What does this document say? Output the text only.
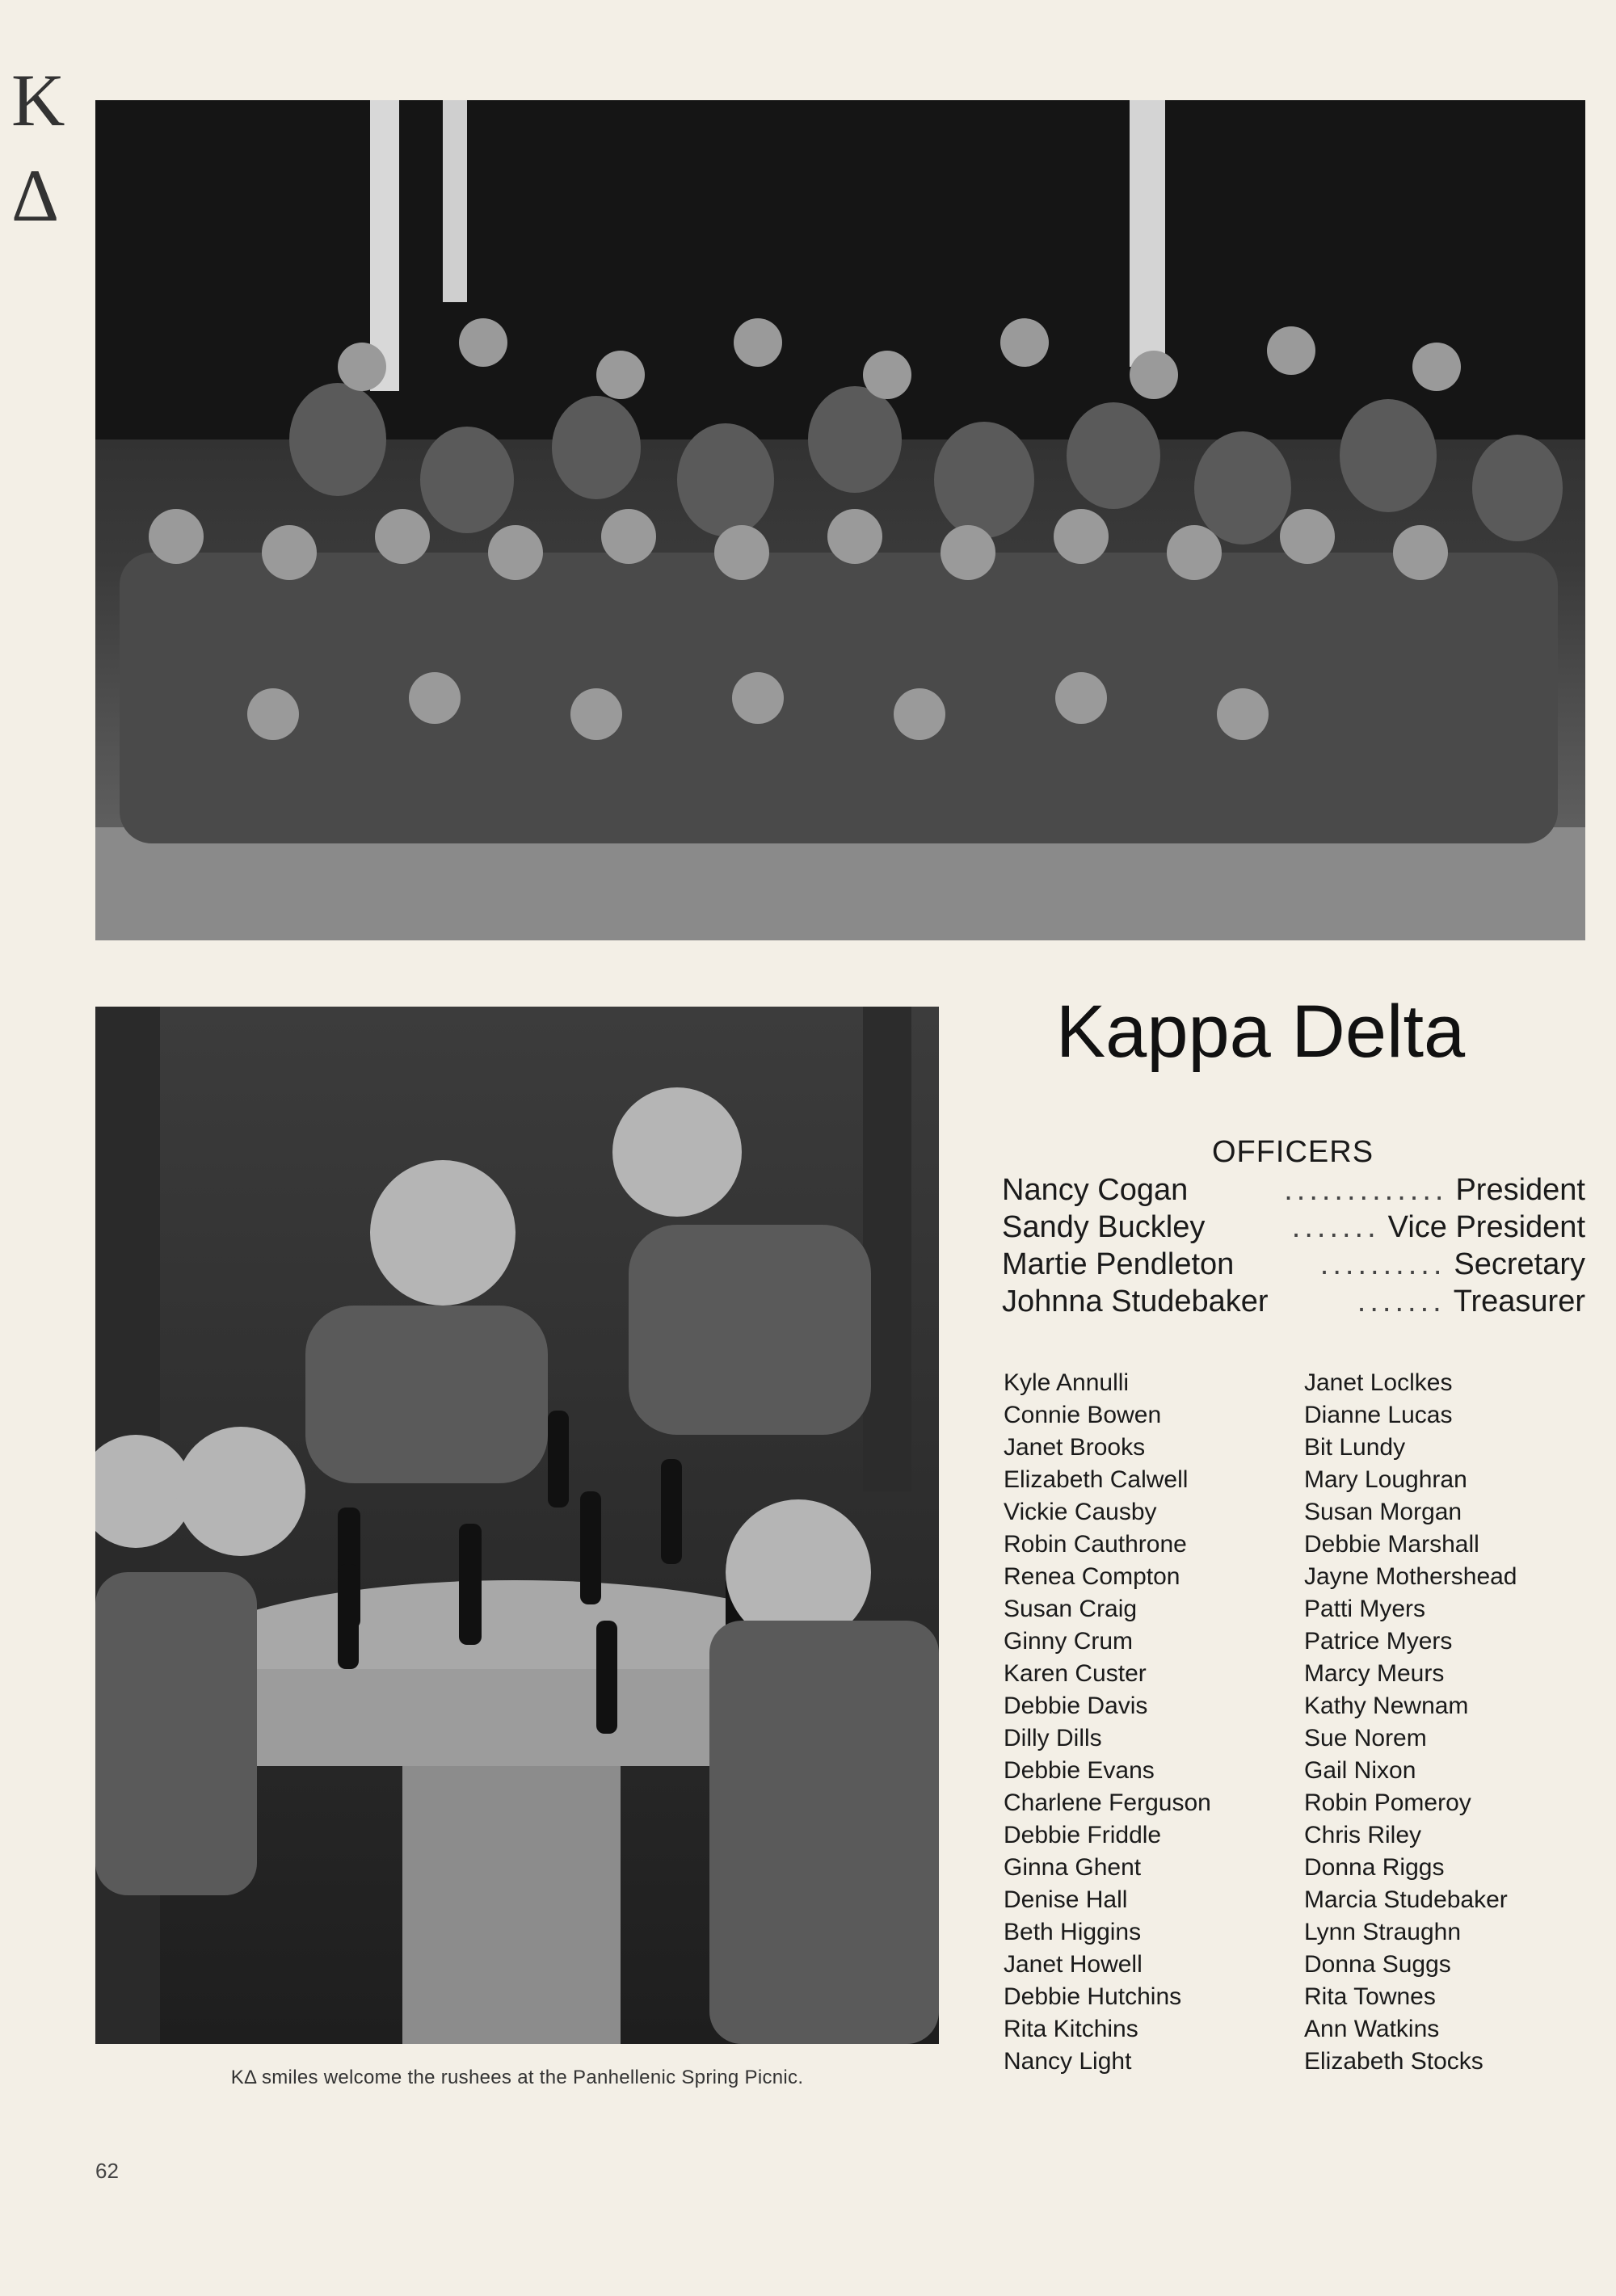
K
Δ
KΔ smiles welcome the rushees at the Panhellenic Spring Picnic.
Kappa Delta
OFFICERS
Nancy Cogan	............. President
Sandy Buckley	....... Vice President
Martie Pendleton	.......... Secretary
Johnna Studebaker	....... Treasurer
Kyle Annulli
Connie Bowen
Janet Brooks
Elizabeth Calwell
Vickie Causby
Robin Cauthrone
Renea Compton
Susan Craig
Ginny Crum
Karen Custer
Debbie Davis
Dilly Dills
Debbie Evans
Charlene Ferguson
Debbie Friddle
Ginna Ghent
Denise Hall
Beth Higgins
Janet Howell
Debbie Hutchins
Rita Kitchins
Nancy Light
Janet Loclkes
Dianne Lucas
Bit Lundy
Mary Loughran
Susan Morgan
Debbie Marshall
Jayne Mothershead
Patti Myers
Patrice Myers
Marcy Meurs
Kathy Newnam
Sue Norem
Gail Nixon
Robin Pomeroy
Chris Riley
Donna Riggs
Marcia Studebaker
Lynn Straughn
Donna Suggs
Rita Townes
Ann Watkins
Elizabeth Stocks
62
